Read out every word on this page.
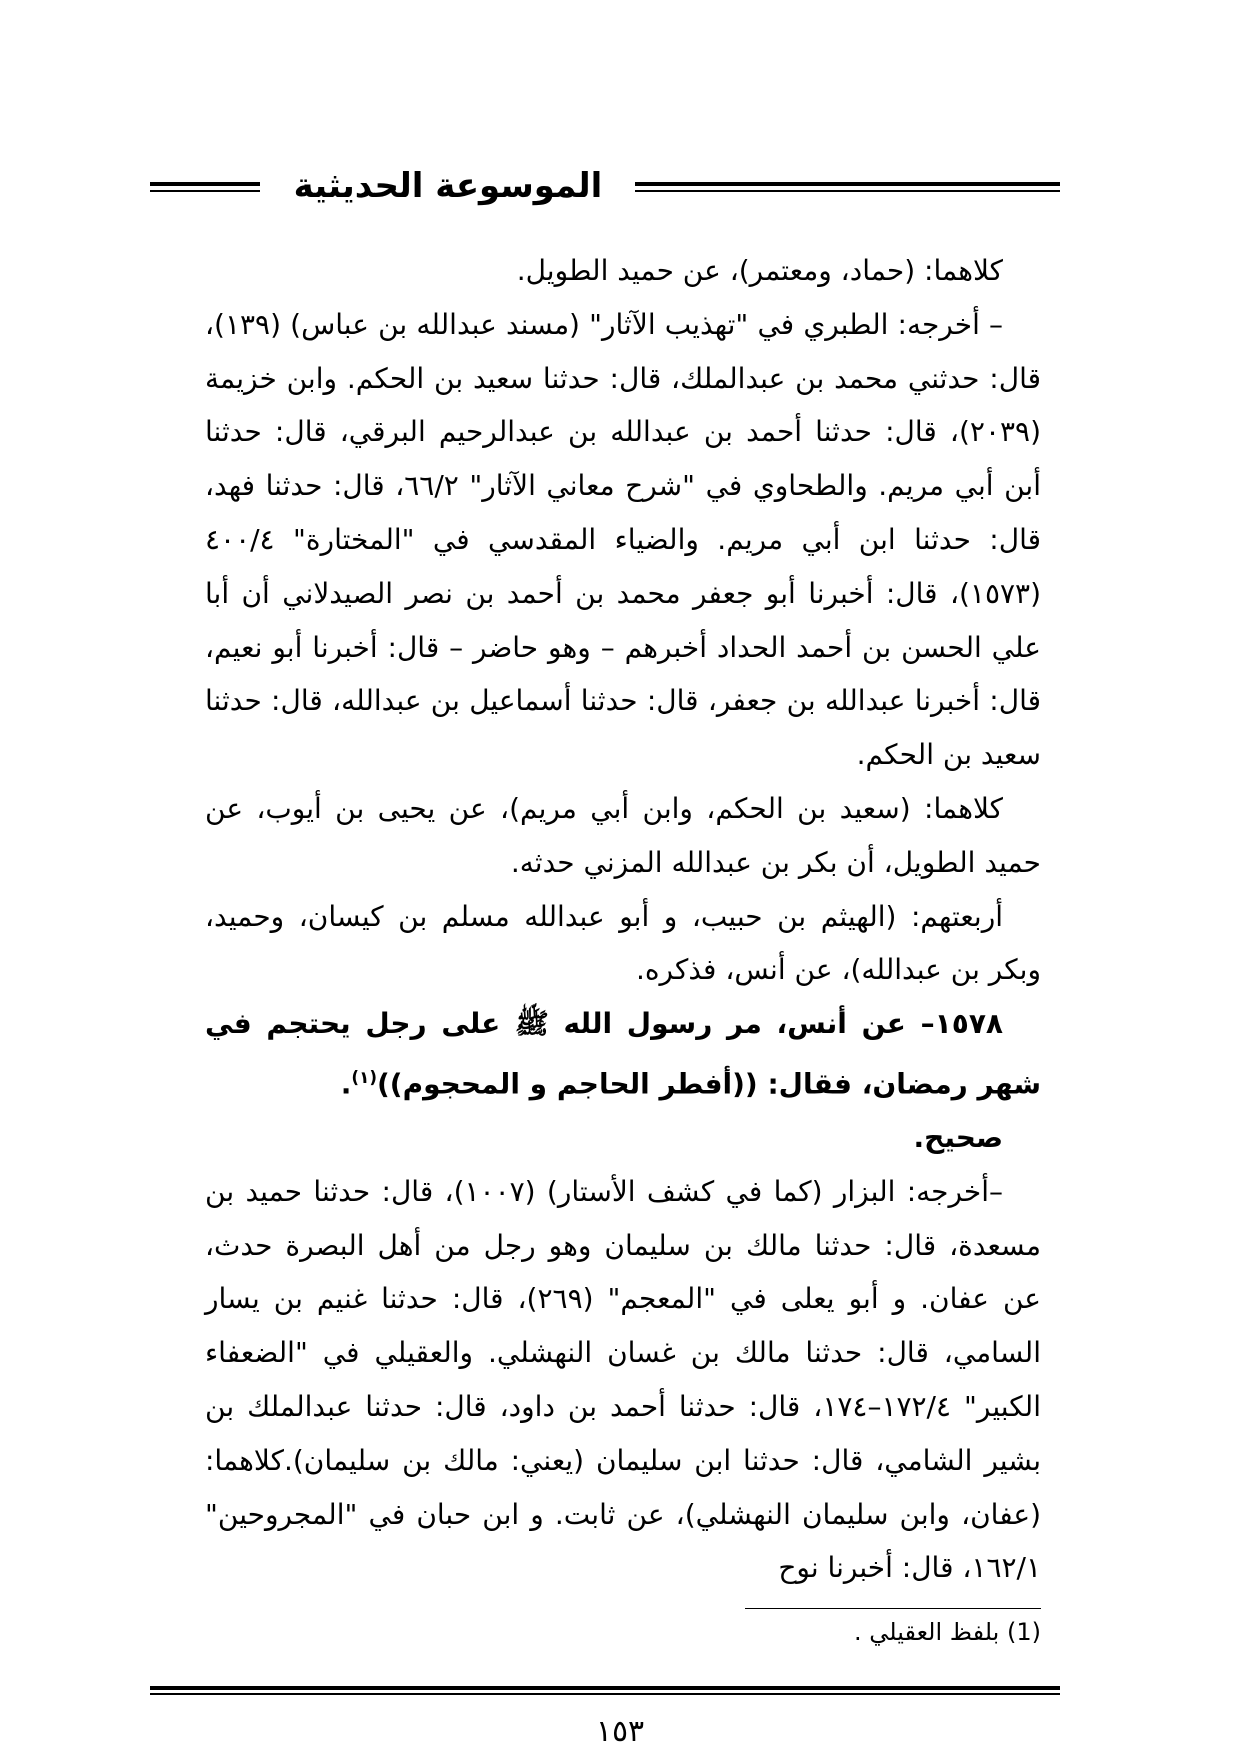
الموسوعة الحديثية

كلاهما: (حماد، ومعتمر)، عن حميد الطويل.

– أخرجه: الطبري في "تهذيب الآثار" (مسند عبدالله بن عباس) (١٣٩)، قال: حدثني محمد بن عبدالملك، قال: حدثنا سعيد بن الحكم. وابن خزيمة (٢٠٣٩)، قال: حدثنا أحمد بن عبدالله بن عبدالرحيم البرقي، قال: حدثنا أبن أبي مريم. والطحاوي في "شرح معاني الآثار" ٦٦/٢، قال: حدثنا فهد، قال: حدثنا ابن أبي مريم. والضياء المقدسي في "المختارة" ٤٠٠/٤ (١٥٧٣)، قال: أخبرنا أبو جعفر محمد بن أحمد بن نصر الصيدلاني أن أبا علي الحسن بن أحمد الحداد أخبرهم – وهو حاضر – قال: أخبرنا أبو نعيم، قال: أخبرنا عبدالله بن جعفر، قال: حدثنا أسماعيل بن عبدالله، قال: حدثنا سعيد بن الحكم.

كلاهما: (سعيد بن الحكم، وابن أبي مريم)، عن يحيى بن أيوب، عن حميد الطويل، أن بكر بن عبدالله المزني حدثه.

أربعتهم: (الهيثم بن حبيب، و أبو عبدالله مسلم بن كيسان، وحميد، وبكر بن عبدالله)، عن أنس، فذكره.

١٥٧٨– عن أنس، مر رسول الله ﷺ على رجل يحتجم في شهر رمضان، فقال: ((أفطر الحاجم و المحجوم))$^{(١)}$.

صحيح.

–أخرجه: البزار (كما في كشف الأستار) (١٠٠٧)، قال: حدثنا حميد بن مسعدة، قال: حدثنا مالك بن سليمان وهو رجل من أهل البصرة حدث، عن عفان. و أبو يعلى في "المعجم" (٢٦٩)، قال: حدثنا غنيم بن يسار السامي، قال: حدثنا مالك بن غسان النهشلي. والعقيلي في "الضعفاء الكبير" ١٧٢/٤–١٧٤، قال: حدثنا أحمد بن داود، قال: حدثنا عبدالملك بن بشير الشامي، قال: حدثنا ابن سليمان (يعني: مالك بن سليمان).كلاهما: (عفان، وابن سليمان النهشلي)، عن ثابت. و ابن حبان في "المجروحين" ١٦٢/١، قال: أخبرنا نوح

(1) بلفظ العقيلي .
١٥٣
